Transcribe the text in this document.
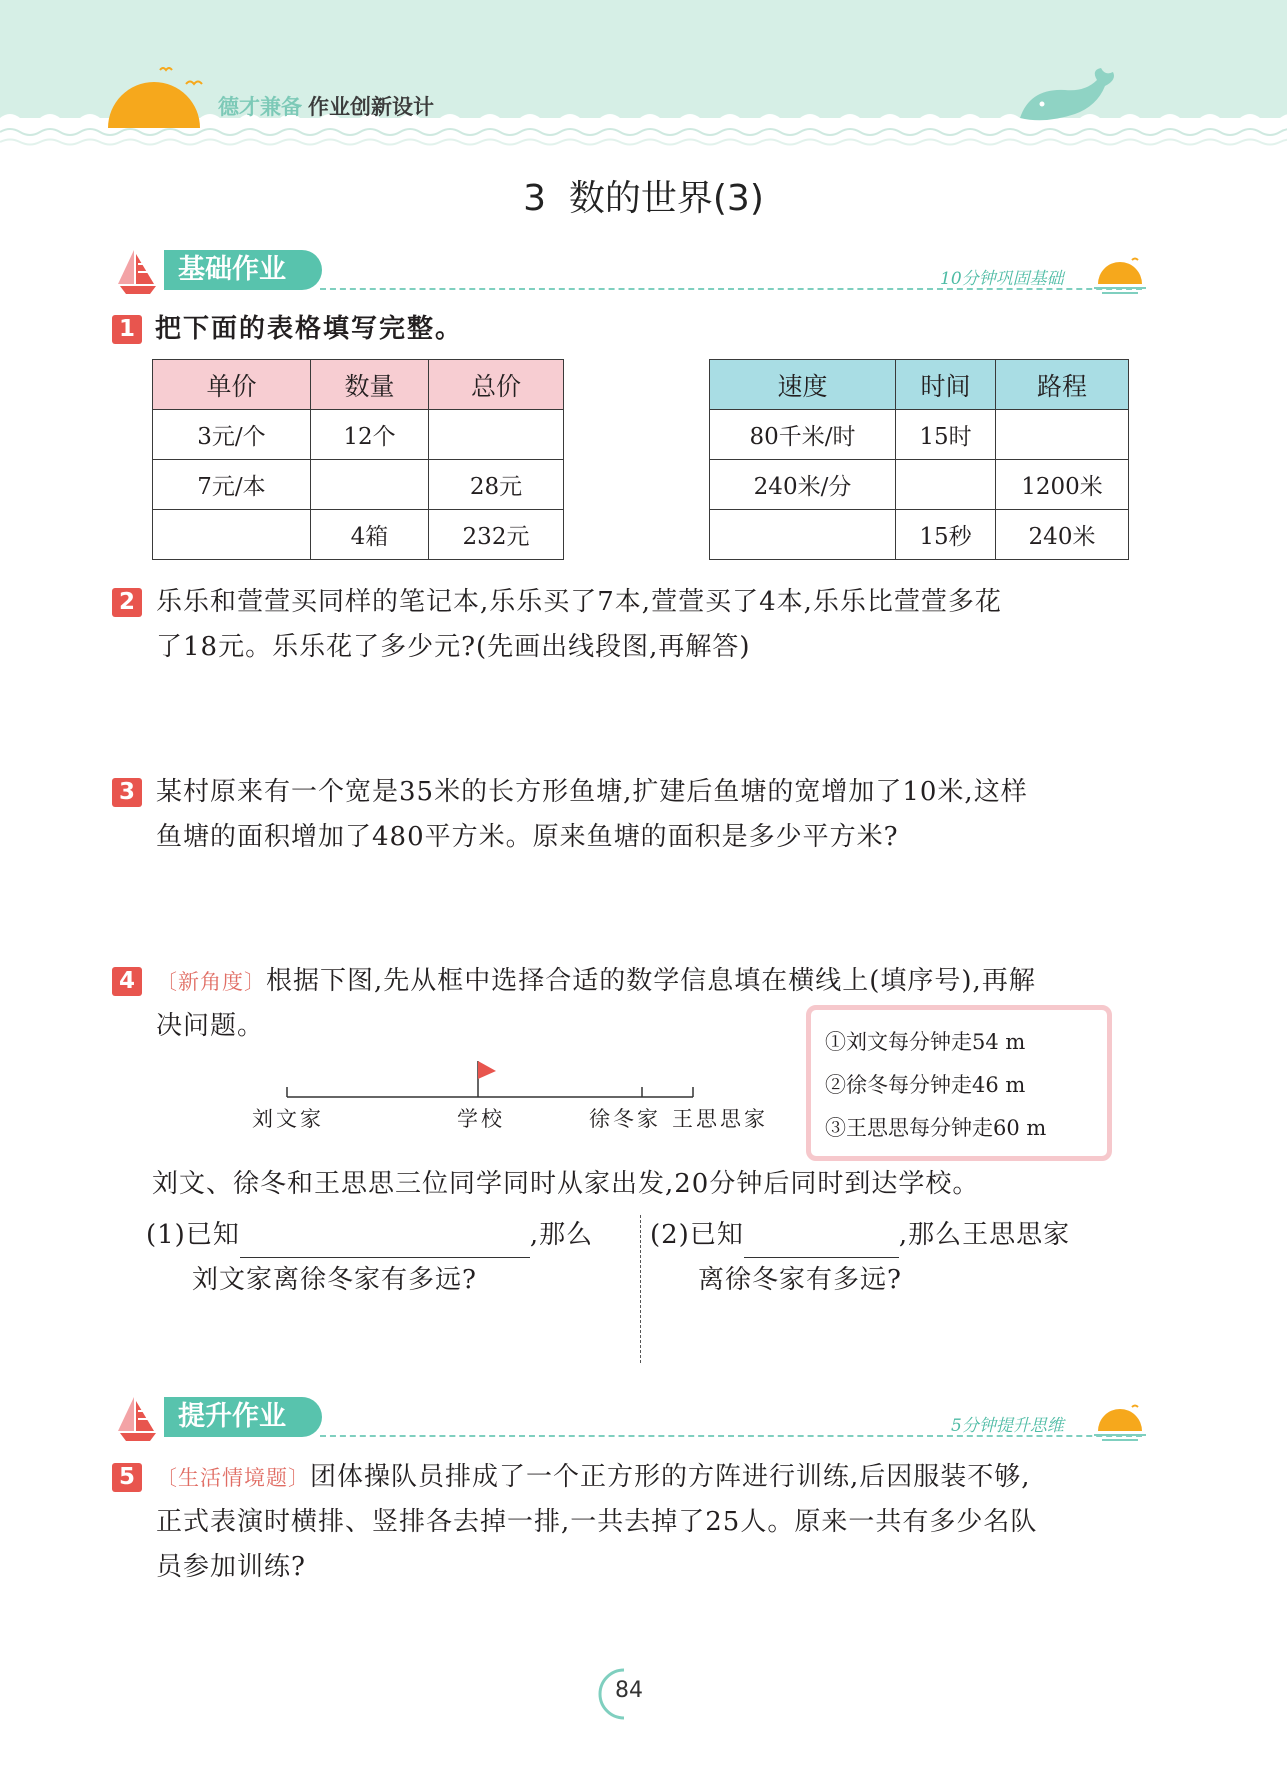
德才兼备 作业创新设计
3  数的世界(3)
基础作业	10分钟巩固基础
1 把下面的表格填写完整。
单价	数量	总价
3元/个	12个	
7元/本		28元
	4箱	232元
速度	时间	路程
80千米/时	15时	
240米/分		1200米
	15秒	240米
2 乐乐和萱萱买同样的笔记本,乐乐买了7本,萱萱买了4本,乐乐比萱萱多花
了18元。乐乐花了多少元?(先画出线段图,再解答)
3 某村原来有一个宽是35米的长方形鱼塘,扩建后鱼塘的宽增加了10米,这样
鱼塘的面积增加了480平方米。原来鱼塘的面积是多少平方米?
4	〔新角度〕根据下图,先从框中选择合适的数学信息填在横线上(填序号),再解
决问题。
刘文家	学校	徐冬家 王思思家
①刘文每分钟走54 m
②徐冬每分钟走46 m
③王思思每分钟走60 m
刘文、徐冬和王思思三位同学同时从家出发,20分钟后同时到达学校。
(1)已知	,那么
刘文家离徐冬家有多远?
(2)已知	,那么王思思家
离徐冬家有多远?
提升作业	5分钟提升思维
5	〔生活情境题〕团体操队员排成了一个正方形的方阵进行训练,后因服装不够,
正式表演时横排、竖排各去掉一排,一共去掉了25人。原来一共有多少名队
员参加训练?
84
